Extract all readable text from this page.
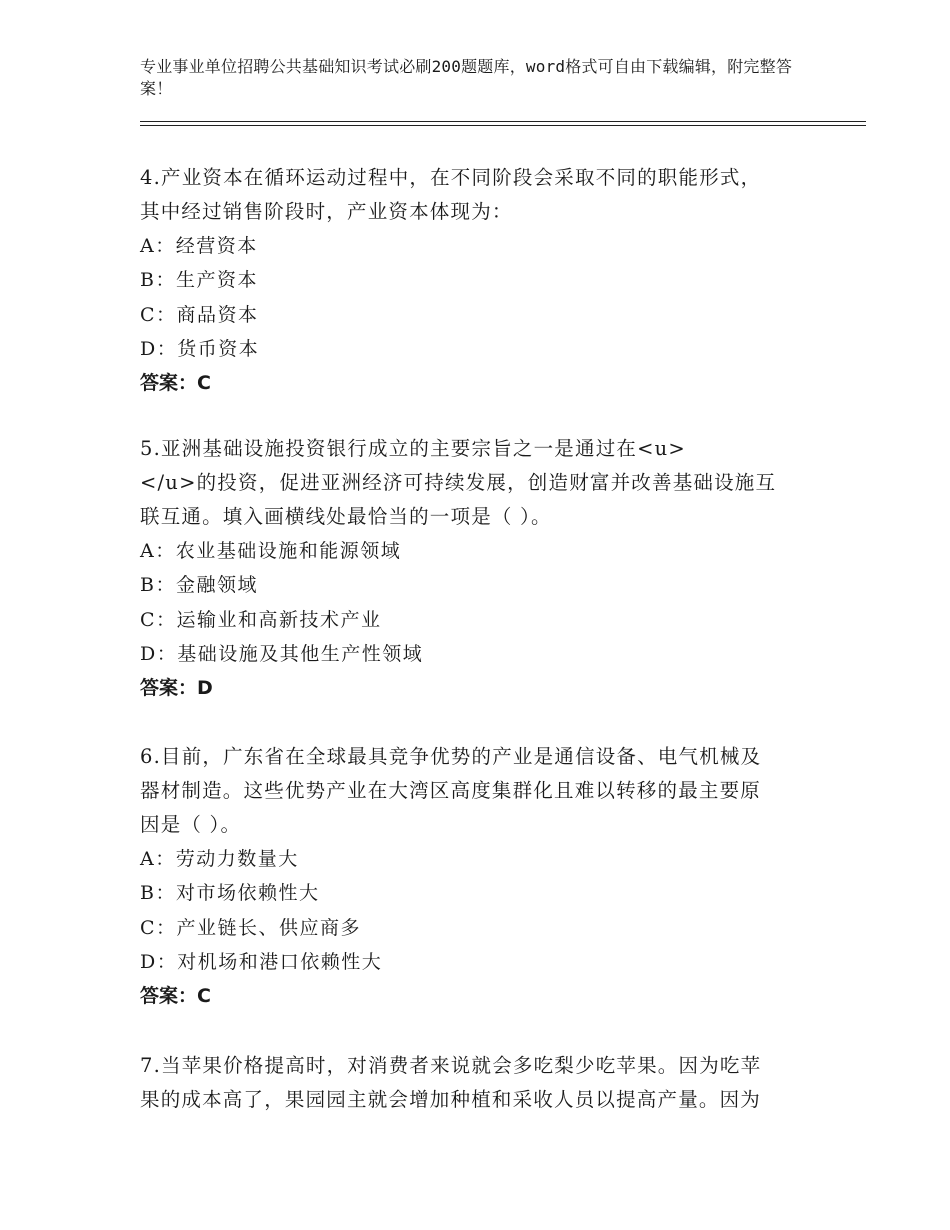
专业事业单位招聘公共基础知识考试必刷200题题库，word格式可自由下载编辑，附完整答案！

4.产业资本在循环运动过程中，在不同阶段会采取不同的职能形式，

其中经过销售阶段时，产业资本体现为：

A：经营资本

B：生产资本

C：商品资本

D：货币资本

答案：C

5.亚洲基础设施投资银行成立的主要宗旨之一是通过在<u>

</u>的投资，促进亚洲经济可持续发展，创造财富并改善基础设施互

联互通。填入画横线处最恰当的一项是（ ）。

A：农业基础设施和能源领域

B：金融领域

C：运输业和高新技术产业

D：基础设施及其他生产性领域

答案：D

6.目前，广东省在全球最具竞争优势的产业是通信设备、电气机械及

器材制造。这些优势产业在大湾区高度集群化且难以转移的最主要原

因是（ ）。

A：劳动力数量大

B：对市场依赖性大

C：产业链长、供应商多

D：对机场和港口依赖性大

答案：C

7.当苹果价格提高时，对消费者来说就会多吃梨少吃苹果。因为吃苹

果的成本高了，果园园主就会增加种植和采收人员以提高产量。因为
